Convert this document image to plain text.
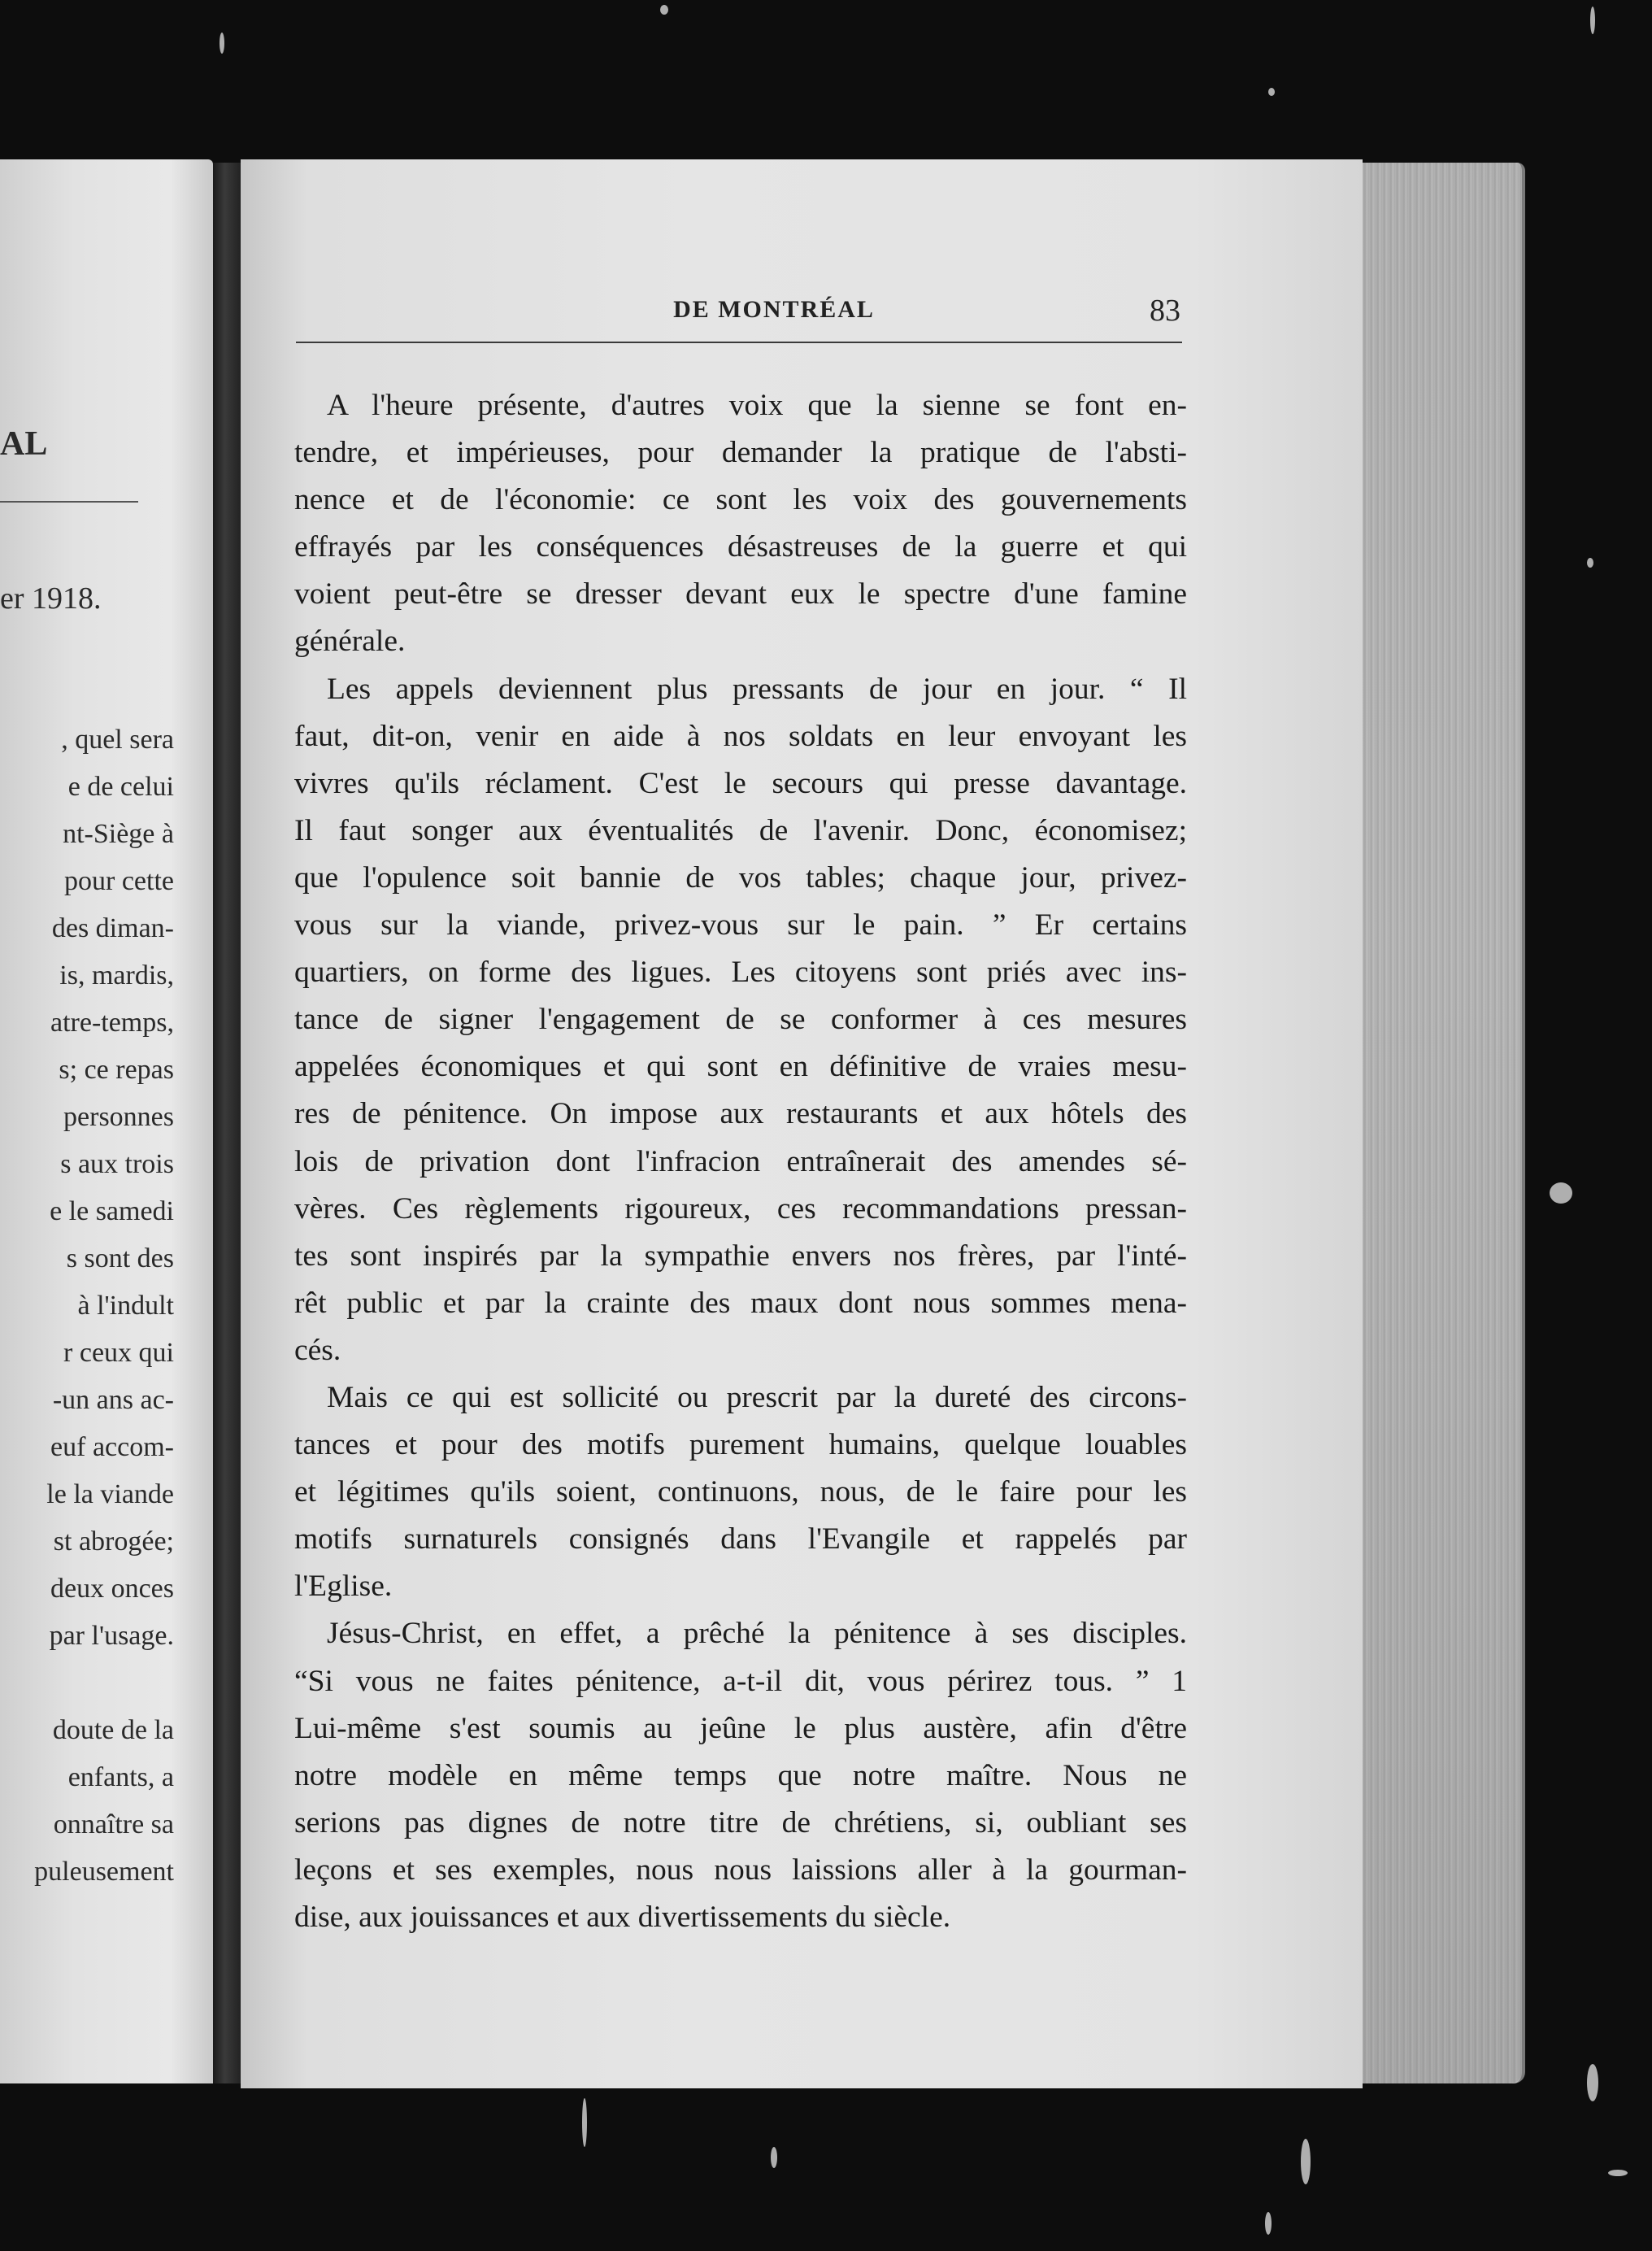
AL
er 1918.
, quel sera
e de celui
nt-Siège à
pour cette
des diman-
is, mardis,
atre-temps,
s; ce repas
personnes
s aux trois
e le samedi
s sont des
à l'indult
r ceux qui
-un ans ac-
euf accom-
le la viande
st abrogée;
deux onces
par l'usage.
doute de la
enfants, a
onnaître sa
puleusement
DE MONTRÉAL	83
A l'heure présente, d'autres voix que la sienne se font en-
tendre, et impérieuses, pour demander la pratique de l'absti-
nence et de l'économie: ce sont les voix des gouvernements
effrayés par les conséquences désastreuses de la guerre et qui
voient peut-être se dresser devant eux le spectre d'une famine
générale.
Les appels deviennent plus pressants de jour en jour. “ Il
faut, dit-on, venir en aide à nos soldats en leur envoyant les
vivres qu'ils réclament. C'est le secours qui presse davantage.
Il faut songer aux éventualités de l'avenir. Donc, économisez;
que l'opulence soit bannie de vos tables; chaque jour, privez-
vous sur la viande, privez-vous sur le pain. ” Er certains
quartiers, on forme des ligues. Les citoyens sont priés avec ins-
tance de signer l'engagement de se conformer à ces mesures
appelées économiques et qui sont en définitive de vraies mesu-
res de pénitence. On impose aux restaurants et aux hôtels des
lois de privation dont l'infracion entraînerait des amendes sé-
vères. Ces règlements rigoureux, ces recommandations pressan-
tes sont inspirés par la sympathie envers nos frères, par l'inté-
rêt public et par la crainte des maux dont nous sommes mena-
cés.
Mais ce qui est sollicité ou prescrit par la dureté des circons-
tances et pour des motifs purement humains, quelque louables
et légitimes qu'ils soient, continuons, nous, de le faire pour les
motifs surnaturels consignés dans l'Evangile et rappelés par
l'Eglise.
Jésus-Christ, en effet, a prêché la pénitence à ses disciples.
“Si vous ne faites pénitence, a-t-il dit, vous périrez tous. ” 1
Lui-même s'est soumis au jeûne le plus austère, afin d'être
notre modèle en même temps que notre maître. Nous ne
serions pas dignes de notre titre de chrétiens, si, oubliant ses
leçons et ses exemples, nous nous laissions aller à la gourman-
dise, aux jouissances et aux divertissements du siècle.
